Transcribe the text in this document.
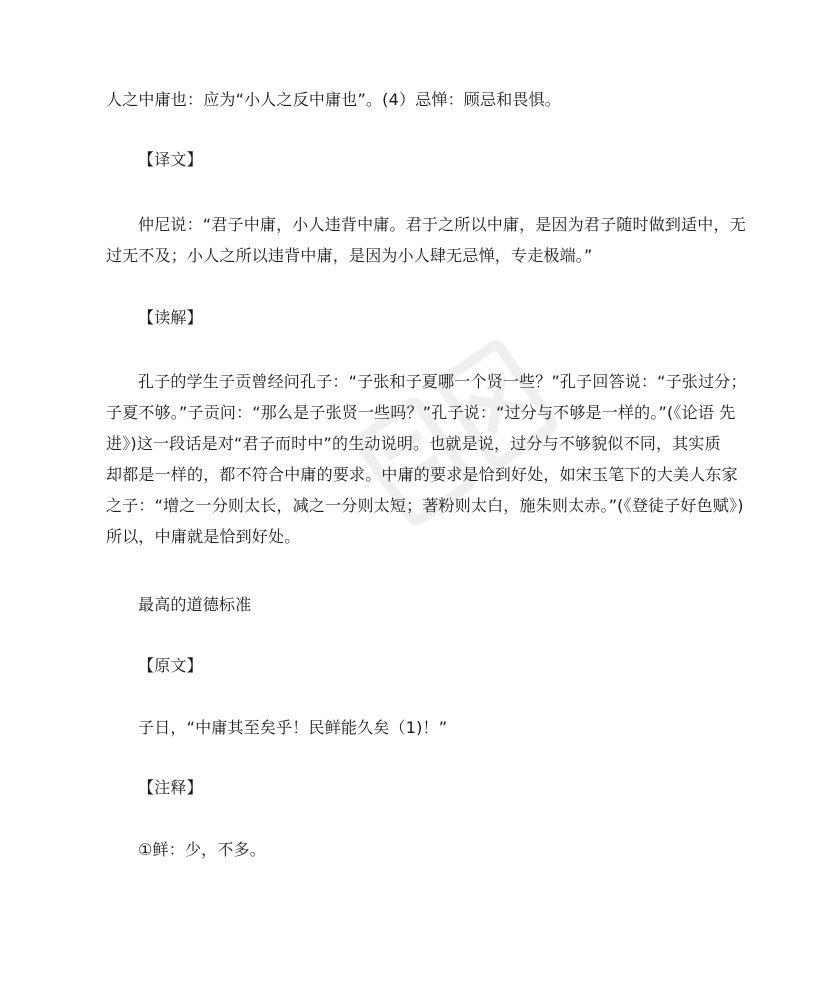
人之中庸也：应为“小人之反中庸也”。(4）忌惮：顾忌和畏惧。
【译文】
仲尼说：“君子中庸，小人违背中庸。君于之所以中庸，是因为君子随时做到适中，无
过无不及；小人之所以违背中庸，是因为小人肆无忌惮，专走极端。”
【读解】
孔子的学生子贡曾经问孔子：“子张和子夏哪一个贤一些？”孔子回答说：“子张过分；
子夏不够。”子贡问：“那么是子张贤一些吗？”孔子说：“过分与不够是一样的。”(《论语 先
进》)这一段话是对“君子而时中”的生动说明。也就是说，过分与不够貌似不同，其实质
却都是一样的，都不符合中庸的要求。中庸的要求是恰到好处，如宋玉笔下的大美人东家
之子：“增之一分则太长，减之一分则太短；著粉则太白，施朱则太赤。”(《登徒子好色赋》)
所以，中庸就是恰到好处。
最高的道德标准
【原文】
子日，“中庸其至矣乎！民鲜能久矣（1)！”
【注释】
①鲜：少，不多。
